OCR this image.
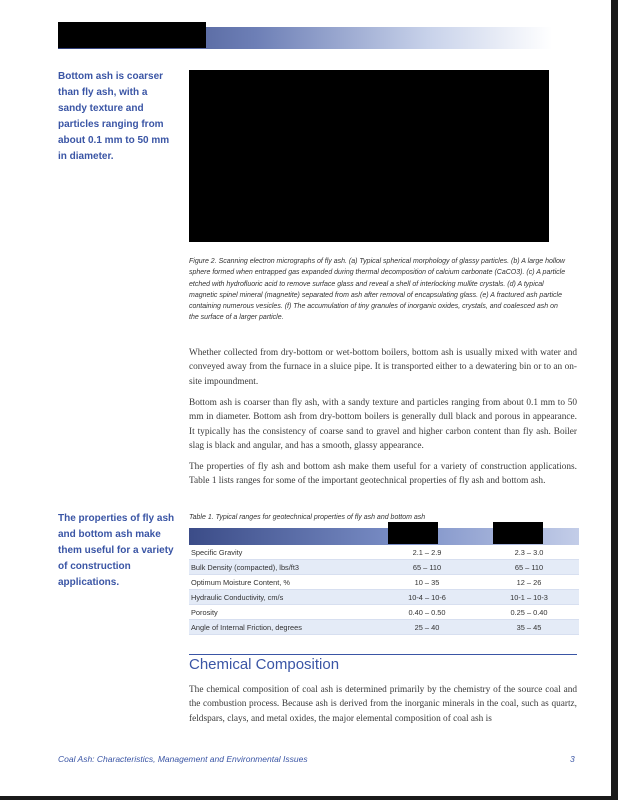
Bottom ash is coarser than fly ash, with a sandy texture and particles ranging from about 0.1 mm to 50 mm in diameter.
Figure 2. Scanning electron micrographs of fly ash. (a) Typical spherical morphology of glassy particles. (b) A large hollow sphere formed when entrapped gas expanded during thermal decomposition of calcium carbonate (CaCO3). (c) A particle etched with hydrofluoric acid to remove surface glass and reveal a shell of interlocking mullite crystals. (d) A typical magnetic spinel mineral (magnetite) separated from ash after removal of encapsulating glass. (e) A fractured ash particle containing numerous vesicles. (f) The accumulation of tiny granules of inorganic oxides, crystals, and coalesced ash on the surface of a larger particle.
Whether collected from dry-bottom or wet-bottom boilers, bottom ash is usually mixed with water and conveyed away from the furnace in a sluice pipe. It is transported either to a dewatering bin or to an on-site impoundment.
Bottom ash is coarser than fly ash, with a sandy texture and particles ranging from about 0.1 mm to 50 mm in diameter. Bottom ash from dry-bottom boilers is generally dull black and porous in appearance. It typically has the consistency of coarse sand to gravel and higher carbon content than fly ash. Boiler slag is black and angular, and has a smooth, glassy appearance.
The properties of fly ash and bottom ash make them useful for a variety of construction applications. Table 1 lists ranges for some of the important geotechnical properties of fly ash and bottom ash.
The properties of fly ash and bottom ash make them useful for a variety of construction applications.
Table 1. Typical ranges for geotechnical properties of fly ash and bottom ash
Specific Gravity	2.1 – 2.9	2.3 – 3.0
Bulk Density (compacted), lbs/ft3	65 – 110	65 – 110
Optimum Moisture Content, %	10 – 35	12 – 26
Hydraulic Conductivity, cm/s	10-4 – 10-6	10-1 – 10-3
Porosity	0.40 – 0.50	0.25 – 0.40
Angle of Internal Friction, degrees	25 – 40	35 – 45
Chemical Composition
The chemical composition of coal ash is determined primarily by the chemistry of the source coal and the combustion process. Because ash is derived from the inorganic minerals in the coal, such as quartz, feldspars, clays, and metal oxides, the major elemental composition of coal ash is
Coal Ash: Characteristics, Management and Environmental Issues	3
